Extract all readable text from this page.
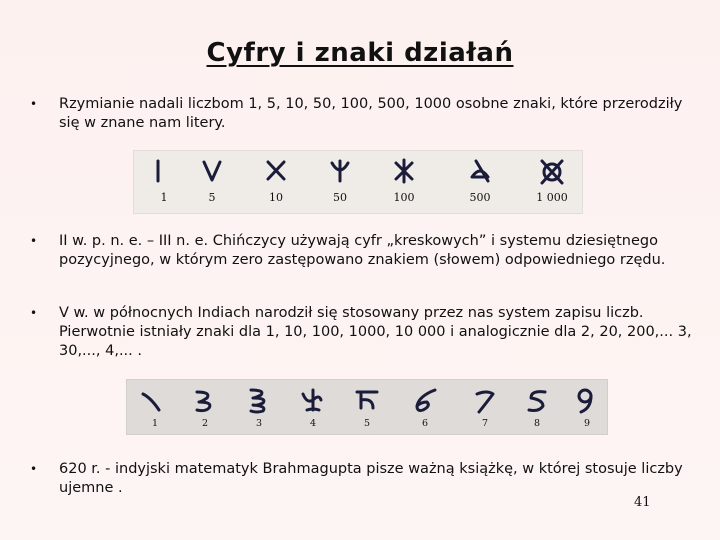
Cyfry i znaki działań
• Rzymianie nadali liczbom 1, 5, 10, 50, 100, 500, 1000 osobne znaki, które przerodziły się w znane nam litery.
1	5	10	50	100	500	1 000
• II w. p. n. e. – III n. e. Chińczycy używają cyfr „kreskowych” i systemu dziesiętnego pozycyjnego, w którym zero zastępowano znakiem (słowem) odpowiedniego rzędu.
• V w. w północnych Indiach narodził się stosowany przez nas system zapisu liczb. Pierwotnie istniały znaki dla 1, 10, 100, 1000, 10 000 i analogicznie dla 2, 20, 200,... 3, 30,..., 4,... .
1	2	3	4	5	6	7	8	9
• 620 r. - indyjski matematyk Brahmagupta pisze ważną książkę, w której stosuje liczby ujemne .
41
